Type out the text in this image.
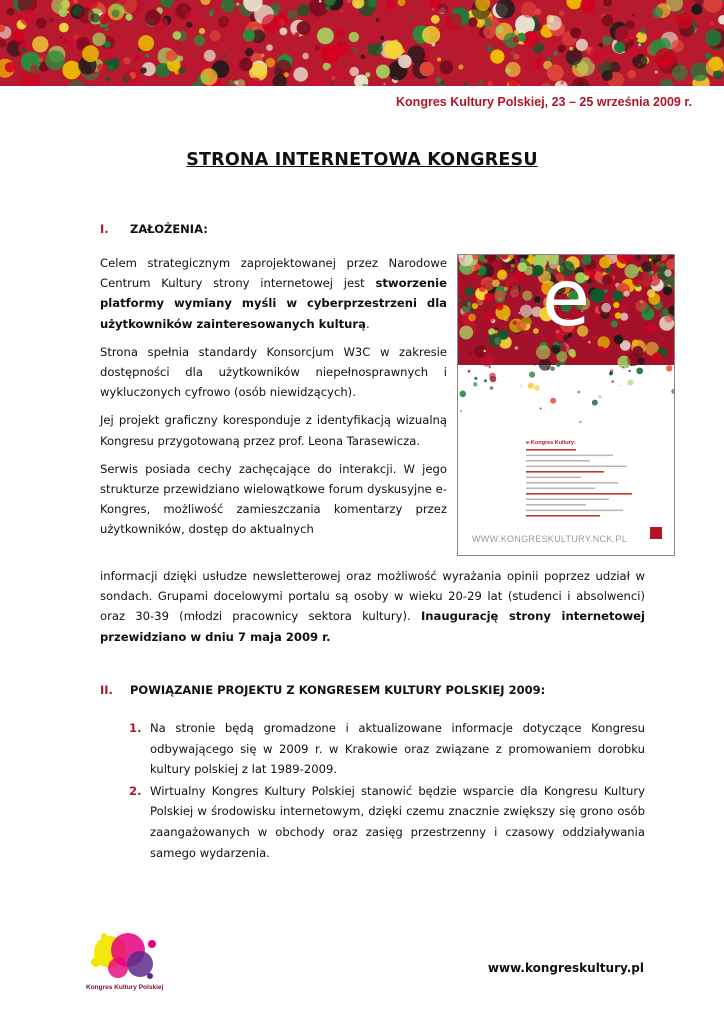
Kongres Kultury Polskiej, 23 – 25 września 2009 r.
STRONA INTERNETOWA KONGRESU
I. ZAŁOŻENIA:

Celem strategicznym zaprojektowanej przez Narodowe Centrum Kultury strony internetowej jest stworzenie platformy wymiany myśli w cyberprzestrzeni dla użytkowników zainteresowanych kulturą.

Strona spełnia standardy Konsorcjum W3C w zakresie dostępności dla użytkowników niepełnosprawnych i wykluczonych cyfrowo (osób niewidzących).

Jej projekt graficzny koresponduje z identyfikacją wizualną Kongresu przygotowaną przez prof. Leona Tarasewicza.

Serwis posiada cechy zachęcające do interakcji. W jego strukturze przewidziano wielowątkowe forum dyskusyjne e-Kongres, możliwość zamieszczania komentarzy przez użytkowników, dostęp do aktualnych

informacji dzięki usłudze newsletterowej oraz możliwość wyrażania opinii poprzez udział w sondach. Grupami docelowymi portalu są osoby w wieku 20-29 lat (studenci i absolwenci) oraz 30-39 (młodzi pracownicy sektora kultury). Inaugurację strony internetowej przewidziano w dniu 7 maja 2009 r.

e
e-Kongres Kultury:
WWW.KONGRESKULTURY.NCK.PL
II. POWIĄZANIE PROJEKTU Z KONGRESEM KULTURY POLSKIEJ 2009:
1. Na stronie będą gromadzone i aktualizowane informacje dotyczące Kongresu odbywającego się w 2009 r. w Krakowie oraz związane z promowaniem dorobku kultury polskiej z lat 1989-2009.
2. Wirtualny Kongres Kultury Polskiej stanowić będzie wsparcie dla Kongresu Kultury Polskiej w środowisku internetowym, dzięki czemu znacznie zwiększy się grono osób zaangażowanych w obchody oraz zasięg przestrzenny i czasowy oddziaływania samego wydarzenia.
Kongres Kultury Polskiej
www.kongreskultury.pl
